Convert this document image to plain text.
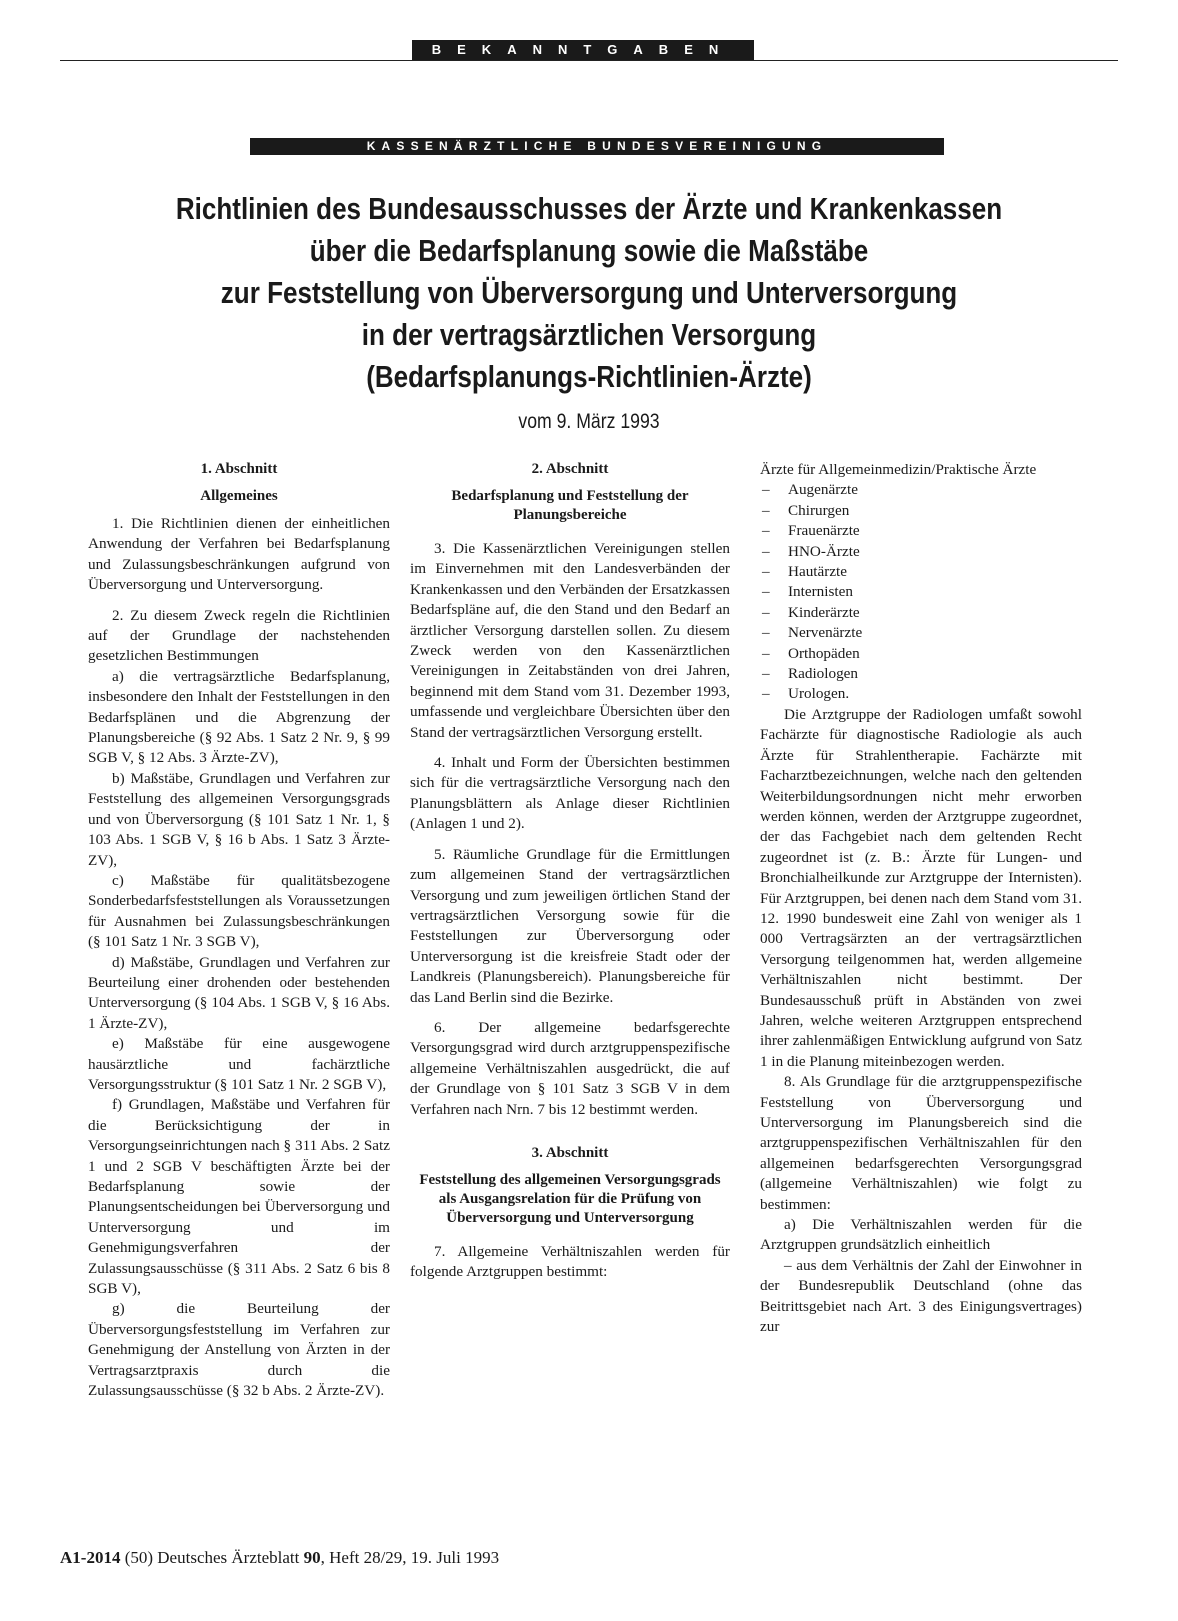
BEKANNTGABEN
KASSENÄRZTLICHE BUNDESVEREINIGUNG
Richtlinien des Bundesausschusses der Ärzte und Krankenkassen
über die Bedarfsplanung sowie die Maßstäbe
zur Feststellung von Überversorgung und Unterversorgung
in der vertragsärztlichen Versorgung
(Bedarfsplanungs-Richtlinien-Ärzte)
vom 9. März 1993
1. Abschnitt
Allgemeines

1. Die Richtlinien dienen der einheitlichen Anwendung der Verfahren bei Bedarfsplanung und Zulassungsbeschränkungen aufgrund von Überversorgung und Unterversorgung.

2. Zu diesem Zweck regeln die Richtlinien auf der Grundlage der nachstehenden gesetzlichen Bestimmungen

a) die vertragsärztliche Bedarfsplanung, insbesondere den Inhalt der Feststellungen in den Bedarfsplänen und die Abgrenzung der Planungsbereiche (§ 92 Abs. 1 Satz 2 Nr. 9, § 99 SGB V, § 12 Abs. 3 Ärzte-ZV),

b) Maßstäbe, Grundlagen und Verfahren zur Feststellung des allgemeinen Versorgungsgrads und von Überversorgung (§ 101 Satz 1 Nr. 1, § 103 Abs. 1 SGB V, § 16 b Abs. 1 Satz 3 Ärzte-ZV),

c) Maßstäbe für qualitätsbezogene Sonderbedarfsfeststellungen als Voraussetzungen für Ausnahmen bei Zulassungsbeschränkungen (§ 101 Satz 1 Nr. 3 SGB V),

d) Maßstäbe, Grundlagen und Verfahren zur Beurteilung einer drohenden oder bestehenden Unterversorgung (§ 104 Abs. 1 SGB V, § 16 Abs. 1 Ärzte-ZV),

e) Maßstäbe für eine ausgewogene hausärztliche und fachärztliche Versorgungsstruktur (§ 101 Satz 1 Nr. 2 SGB V),

f) Grundlagen, Maßstäbe und Verfahren für die Berücksichtigung der in Versorgungseinrichtungen nach § 311 Abs. 2 Satz 1 und 2 SGB V beschäftigten Ärzte bei der Bedarfsplanung sowie der Planungsentscheidungen bei Überversorgung und Unterversorgung und im Genehmigungsverfahren der Zulassungsausschüsse (§ 311 Abs. 2 Satz 6 bis 8 SGB V),

g) die Beurteilung der Überversorgungsfeststellung im Verfahren zur Genehmigung der Anstellung von Ärzten in der Vertragsarztpraxis durch die Zulassungsausschüsse (§ 32 b Abs. 2 Ärzte-ZV).

2. Abschnitt
Bedarfsplanung und Feststellung der Planungsbereiche

3. Die Kassenärztlichen Vereinigungen stellen im Einvernehmen mit den Landesverbänden der Krankenkassen und den Verbänden der Ersatzkassen Bedarfspläne auf, die den Stand und den Bedarf an ärztlicher Versorgung darstellen sollen. Zu diesem Zweck werden von den Kassenärztlichen Vereinigungen in Zeitabständen von drei Jahren, beginnend mit dem Stand vom 31. Dezember 1993, umfassende und vergleichbare Übersichten über den Stand der vertragsärztlichen Versorgung erstellt.

4. Inhalt und Form der Übersichten bestimmen sich für die vertragsärztliche Versorgung nach den Planungsblättern als Anlage dieser Richtlinien (Anlagen 1 und 2).

5. Räumliche Grundlage für die Ermittlungen zum allgemeinen Stand der vertragsärztlichen Versorgung und zum jeweiligen örtlichen Stand der vertragsärztlichen Versorgung sowie für die Feststellungen zur Überversorgung oder Unterversorgung ist die kreisfreie Stadt oder der Landkreis (Planungsbereich). Planungsbereiche für das Land Berlin sind die Bezirke.

6. Der allgemeine bedarfsgerechte Versorgungsgrad wird durch arztgruppenspezifische allgemeine Verhältniszahlen ausgedrückt, die auf der Grundlage von § 101 Satz 3 SGB V in dem Verfahren nach Nrn. 7 bis 12 bestimmt werden.

3. Abschnitt
Feststellung des allgemeinen Versorgungsgrads als Ausgangsrelation für die Prüfung von Überversorgung und Unterversorgung

7. Allgemeine Verhältniszahlen werden für folgende Arztgruppen bestimmt:

Ärzte für Allgemeinmedizin/Praktische Ärzte

– Augenärzte
– Chirurgen
– Frauenärzte
– HNO-Ärzte
– Hautärzte
– Internisten
– Kinderärzte
– Nervenärzte
– Orthopäden
– Radiologen
– Urologen.

Die Arztgruppe der Radiologen umfaßt sowohl Fachärzte für diagnostische Radiologie als auch Ärzte für Strahlentherapie. Fachärzte mit Facharztbezeichnungen, welche nach den geltenden Weiterbildungsordnungen nicht mehr erworben werden können, werden der Arztgruppe zugeordnet, der das Fachgebiet nach dem geltenden Recht zugeordnet ist (z. B.: Ärzte für Lungen- und Bronchialheilkunde zur Arztgruppe der Internisten). Für Arztgruppen, bei denen nach dem Stand vom 31. 12. 1990 bundesweit eine Zahl von weniger als 1 000 Vertragsärzten an der vertragsärztlichen Versorgung teilgenommen hat, werden allgemeine Verhältniszahlen nicht bestimmt. Der Bundesausschuß prüft in Abständen von zwei Jahren, welche weiteren Arztgruppen entsprechend ihrer zahlenmäßigen Entwicklung aufgrund von Satz 1 in die Planung miteinbezogen werden.

8. Als Grundlage für die arztgruppenspezifische Feststellung von Überversorgung und Unterversorgung im Planungsbereich sind die arztgruppenspezifischen Verhältniszahlen für den allgemeinen bedarfsgerechten Versorgungsgrad (allgemeine Verhältniszahlen) wie folgt zu bestimmen:

a) Die Verhältniszahlen werden für die Arztgruppen grundsätzlich einheitlich

– aus dem Verhältnis der Zahl der Einwohner in der Bundesrepublik Deutschland (ohne das Beitrittsgebiet nach Art. 3 des Einigungsvertrages) zur

A1-2014 (50) Deutsches Ärzteblatt 90, Heft 28/29, 19. Juli 1993
